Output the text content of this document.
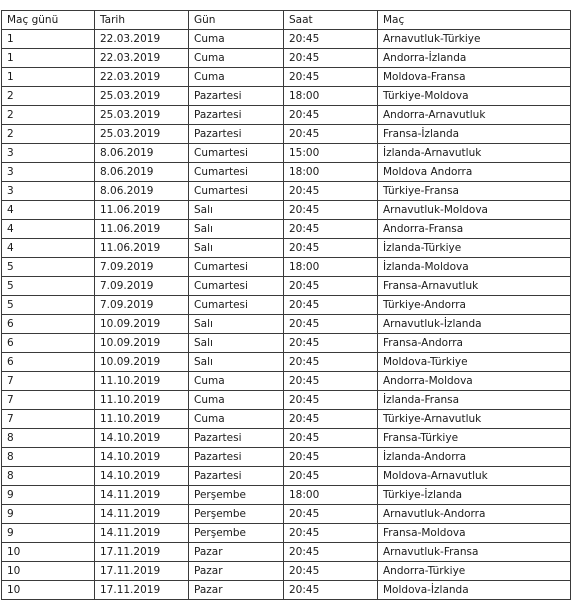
Maç günü	Tarih	Gün	Saat	Maç
1	22.03.2019	Cuma	20:45	Arnavutluk-Türkiye
1	22.03.2019	Cuma	20:45	Andorra-İzlanda
1	22.03.2019	Cuma	20:45	Moldova-Fransa
2	25.03.2019	Pazartesi	18:00	Türkiye-Moldova
2	25.03.2019	Pazartesi	20:45	Andorra-Arnavutluk
2	25.03.2019	Pazartesi	20:45	Fransa-İzlanda
3	8.06.2019	Cumartesi	15:00	İzlanda-Arnavutluk
3	8.06.2019	Cumartesi	18:00	Moldova Andorra
3	8.06.2019	Cumartesi	20:45	Türkiye-Fransa
4	11.06.2019	Salı	20:45	Arnavutluk-Moldova
4	11.06.2019	Salı	20:45	Andorra-Fransa
4	11.06.2019	Salı	20:45	İzlanda-Türkiye
5	7.09.2019	Cumartesi	18:00	İzlanda-Moldova
5	7.09.2019	Cumartesi	20:45	Fransa-Arnavutluk
5	7.09.2019	Cumartesi	20:45	Türkiye-Andorra
6	10.09.2019	Salı	20:45	Arnavutluk-İzlanda
6	10.09.2019	Salı	20:45	Fransa-Andorra
6	10.09.2019	Salı	20:45	Moldova-Türkiye
7	11.10.2019	Cuma	20:45	Andorra-Moldova
7	11.10.2019	Cuma	20:45	İzlanda-Fransa
7	11.10.2019	Cuma	20:45	Türkiye-Arnavutluk
8	14.10.2019	Pazartesi	20:45	Fransa-Türkiye
8	14.10.2019	Pazartesi	20:45	İzlanda-Andorra
8	14.10.2019	Pazartesi	20:45	Moldova-Arnavutluk
9	14.11.2019	Perşembe	18:00	Türkiye-İzlanda
9	14.11.2019	Perşembe	20:45	Arnavutluk-Andorra
9	14.11.2019	Perşembe	20:45	Fransa-Moldova
10	17.11.2019	Pazar	20:45	Arnavutluk-Fransa
10	17.11.2019	Pazar	20:45	Andorra-Türkiye
10	17.11.2019	Pazar	20:45	Moldova-İzlanda
